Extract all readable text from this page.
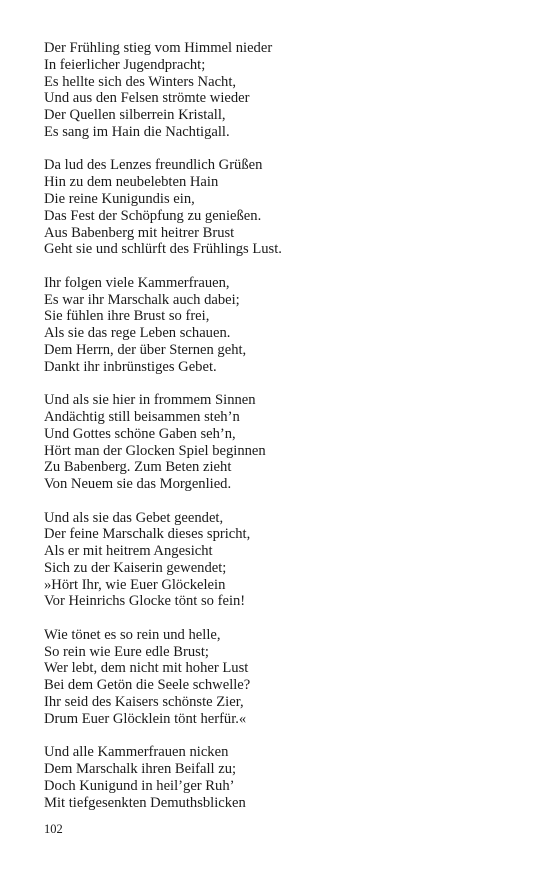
Der Frühling stieg vom Himmel nieder
In feierlicher Jugendpracht;
Es hellte sich des Winters Nacht,
Und aus den Felsen strömte wieder
Der Quellen silberrein Kristall,
Es sang im Hain die Nachtigall.
Da lud des Lenzes freundlich Grüßen
Hin zu dem neubelebten Hain
Die reine Kunigundis ein,
Das Fest der Schöpfung zu genießen.
Aus Babenberg mit heitrer Brust
Geht sie und schlürft des Frühlings Lust.
Ihr folgen viele Kammerfrauen,
Es war ihr Marschalk auch dabei;
Sie fühlen ihre Brust so frei,
Als sie das rege Leben schauen.
Dem Herrn, der über Sternen geht,
Dankt ihr inbrünstiges Gebet.
Und als sie hier in frommem Sinnen
Andächtig still beisammen steh’n
Und Gottes schöne Gaben seh’n,
Hört man der Glocken Spiel beginnen
Zu Babenberg. Zum Beten zieht
Von Neuem sie das Morgenlied.
Und als sie das Gebet geendet,
Der feine Marschalk dieses spricht,
Als er mit heitrem Angesicht
Sich zu der Kaiserin gewendet;
»Hört Ihr, wie Euer Glöckelein
Vor Heinrichs Glocke tönt so fein!
Wie tönet es so rein und helle,
So rein wie Eure edle Brust;
Wer lebt, dem nicht mit hoher Lust
Bei dem Getön die Seele schwelle?
Ihr seid des Kaisers schönste Zier,
Drum Euer Glöcklein tönt herfür.«
Und alle Kammerfrauen nicken
Dem Marschalk ihren Beifall zu;
Doch Kunigund in heil’ger Ruh’
Mit tiefgesenkten Demuthsblicken
102
